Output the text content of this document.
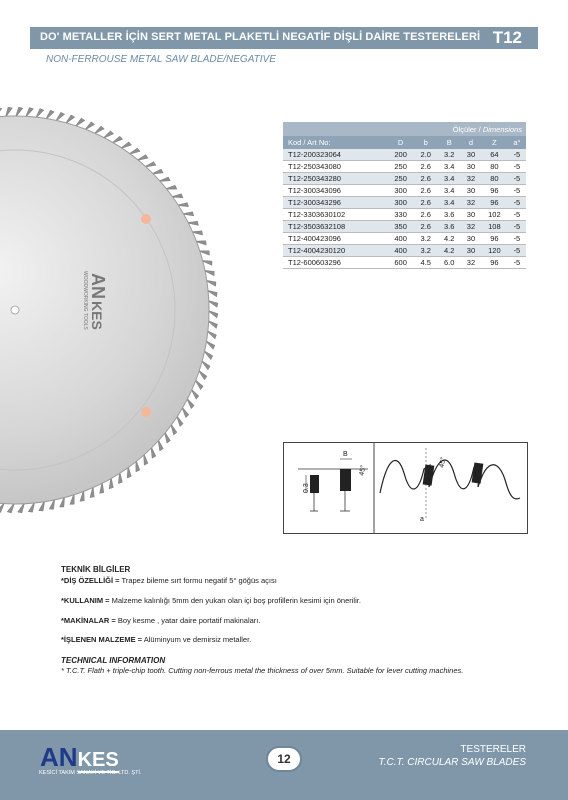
DO' METALLER İÇİN SERT METAL PLAKETLİ NEGATİF DİŞLİ DAİRE TESTERELERİ T12
NON-FERROUSE METAL SAW BLADE/NEGATIVE
AN
KES
WOODWORKING TOOLS
Ölçüler / Dimensions						
Kod / Art No:	D	b	B	d	Z	a°
T12-200323064	200	2.0	3.2	30	64	-5
T12-250343080	250	2.6	3.4	30	80	-5
T12-250343280	250	2.6	3.4	32	80	-5
T12-300343096	300	2.6	3.4	30	96	-5
T12-300343296	300	2.6	3.4	32	96	-5
T12-3303630102	330	2.6	3.6	30	102	-5
T12-3503632108	350	2.6	3.6	32	108	-5
T12-400423096	400	3.2	4.2	30	96	-5
T12-4004230120	400	3.2	4.2	30	120	-5
T12-600603296	600	4.5	6.0	32	96	-5
0.3
B
45°
45°
a
TEKNİK BİLGİLER
*DİŞ ÖZELLİĞİ = Trapez bileme sırt formu negatif 5° göğüs açısı
*KULLANIM = Malzeme kalınlığı 5mm den yukarı olan içi boş profillerin kesimi için önerilir.
*MAKİNALAR = Boy kesme , yatar daire portatif makinaları.
*İŞLENEN MALZEME = Alüminyum ve demirsiz metaller.
TECHNICAL INFORMATION
* T.C.T. Flath + triple-chip tooth. Cutting non-ferrous metal the thickness of over 5mm. Suitable for lever cutting machines.
ANKES
KESİCİ TAKIM SANAYİ VE TİC. LTD. ŞTİ.
12
TESTERELER
T.C.T. CIRCULAR SAW BLADES
